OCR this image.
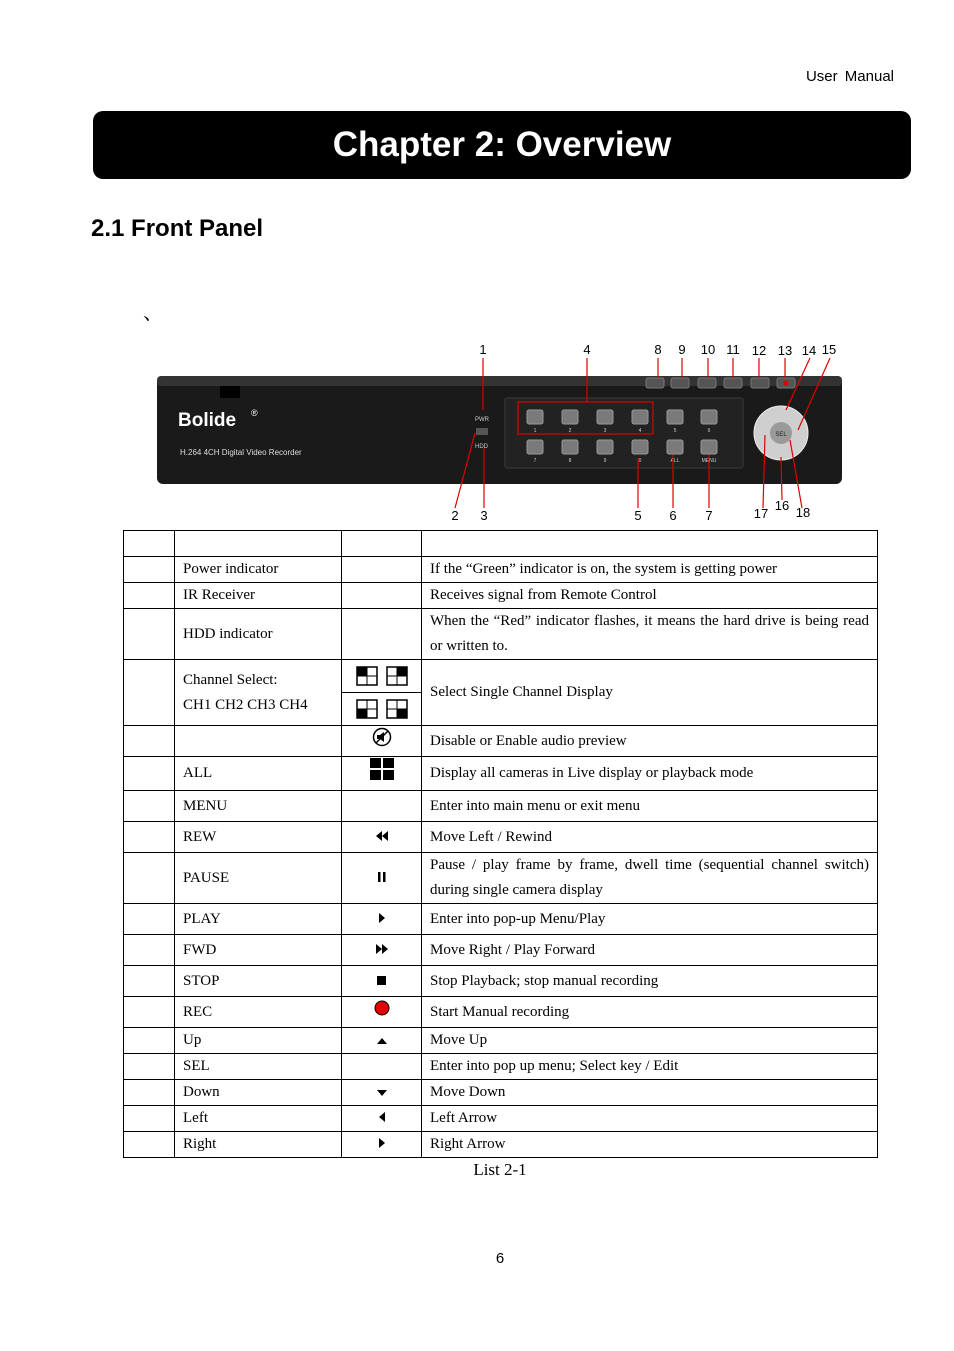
User Manual
Chapter 2: Overview
2.1 Front Panel
、
Bolide ®
H.264 4CH Digital Video Recorder
PWR
HDD
1	2	3	4	5	6
7	8	9	0	ALL	MENU
SEL
1	4	8 9 10 11 12 13 14 15
2 3	5 6 7	17
16 18

	Power indicator		If the “Green” indicator is on, the system is getting power
	IR Receiver		Receives signal from Remote Control
	HDD indicator		When the “Red” indicator flashes, it means the hard drive is being read or written to.
	Channel Select:
CH1 CH2 CH3 CH4		Select Single Channel Display
			Disable or Enable audio preview
	ALL		Display all cameras in Live display or playback mode
	MENU		Enter into main menu or exit menu
	REW		Move Left / Rewind
	PAUSE		Pause / play frame by frame, dwell time (sequential channel switch) during single camera display
	PLAY		Enter into pop-up Menu/Play
	FWD		Move Right / Play Forward
	STOP		Stop Playback; stop manual recording
	REC		Start Manual recording
	Up		Move Up
	SEL		Enter into pop up menu; Select key / Edit
	Down		Move Down
	Left		Left Arrow
	Right		Right Arrow
List 2-1
6
